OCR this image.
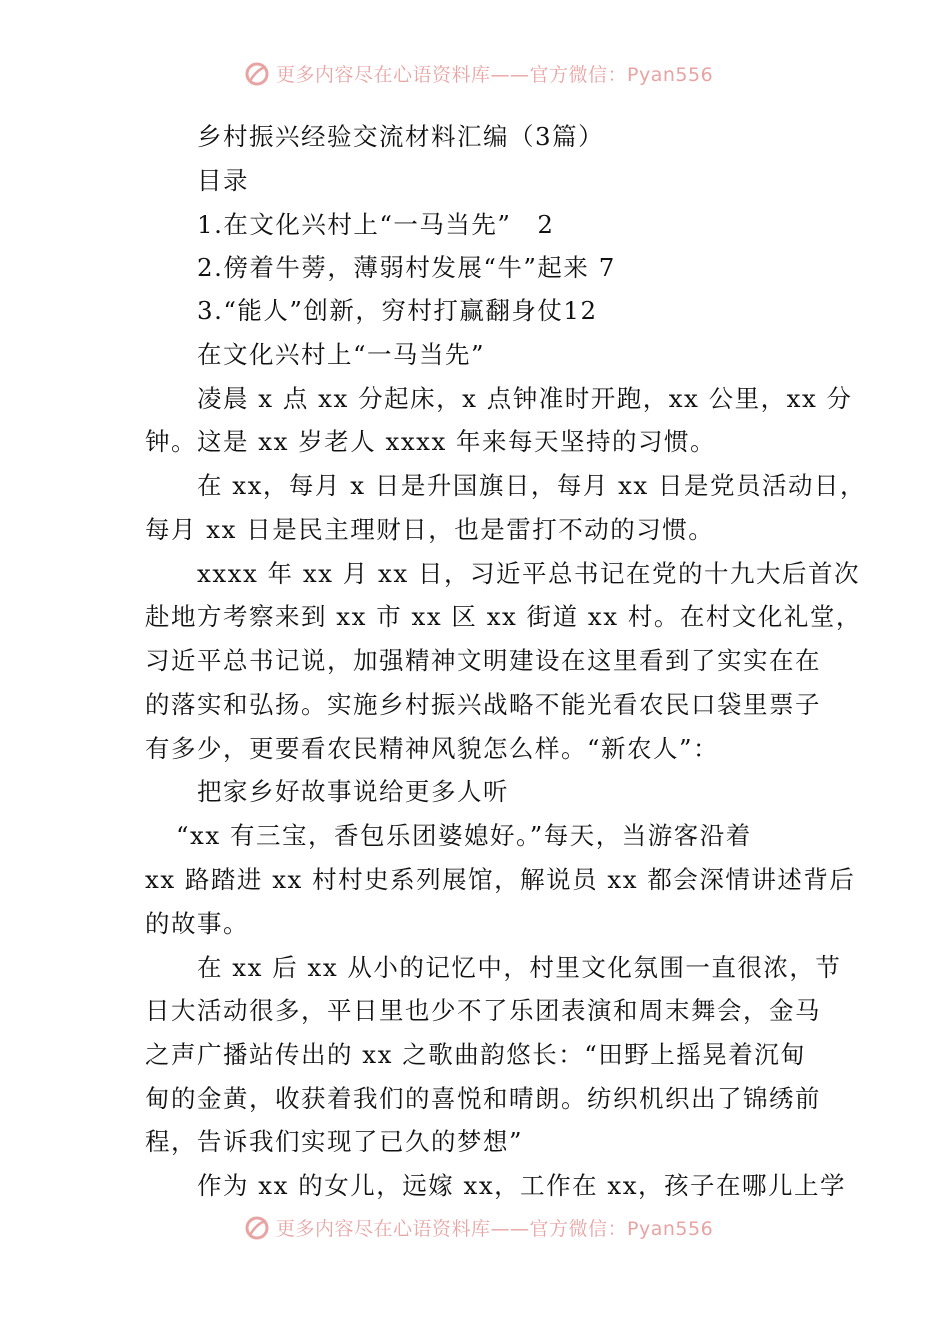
更多内容尽在心语资料库——官方微信：Pyan556
乡村振兴经验交流材料汇编（3篇）
目录
1.在文化兴村上“一马当先”　2
2.傍着牛蒡，薄弱村发展“牛”起来 7
3.“能人”创新，穷村打赢翻身仗12
在文化兴村上“一马当先”
凌晨 x 点 xx 分起床，x 点钟准时开跑，xx 公里，xx 分
钟。这是 xx 岁老人 xxxx 年来每天坚持的习惯。
在 xx，每月 x 日是升国旗日，每月 xx 日是党员活动日，
每月 xx 日是民主理财日，也是雷打不动的习惯。
xxxx 年 xx 月 xx 日，习近平总书记在党的十九大后首次
赴地方考察来到 xx 市 xx 区 xx 街道 xx 村。在村文化礼堂，
习近平总书记说，加强精神文明建设在这里看到了实实在在
的落实和弘扬。实施乡村振兴战略不能光看农民口袋里票子
有多少，更要看农民精神风貌怎么样。“新农人”：
把家乡好故事说给更多人听
“xx 有三宝，香包乐团婆媳好。”每天，当游客沿着
xx 路踏进 xx 村村史系列展馆，解说员 xx 都会深情讲述背后
的故事。
在 xx 后 xx 从小的记忆中，村里文化氛围一直很浓，节
日大活动很多，平日里也少不了乐团表演和周末舞会，金马
之声广播站传出的 xx 之歌曲韵悠长：“田野上摇晃着沉甸
甸的金黄，收获着我们的喜悦和晴朗。纺织机织出了锦绣前
程，告诉我们实现了已久的梦想”
作为 xx 的女儿，远嫁 xx，工作在 xx，孩子在哪儿上学
更多内容尽在心语资料库——官方微信：Pyan556
